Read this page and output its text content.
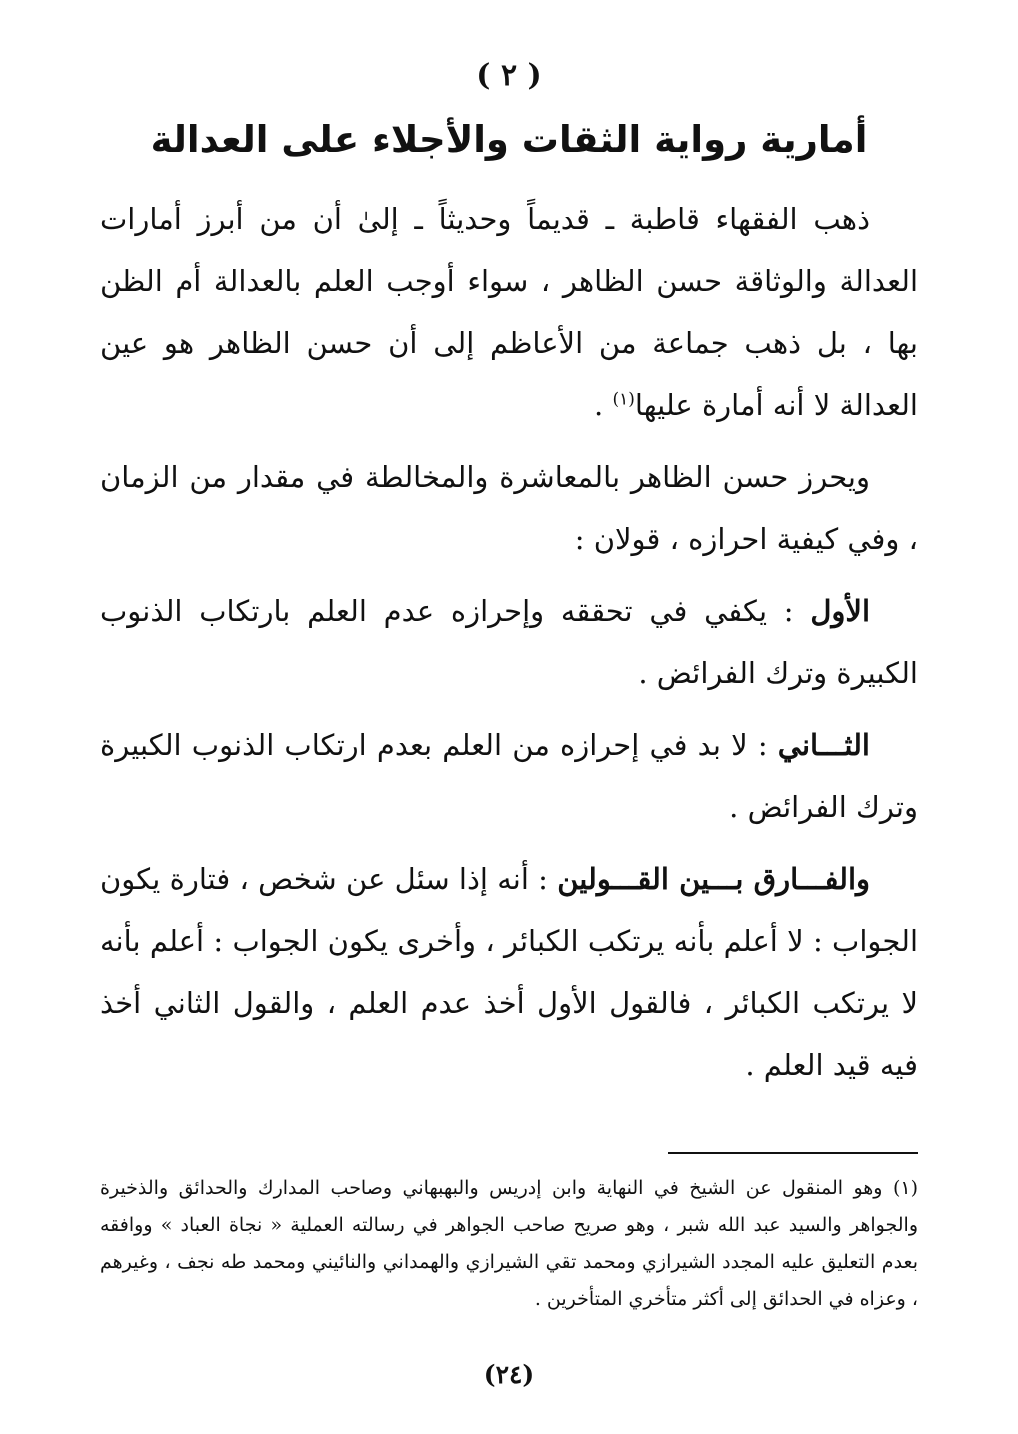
( ٢ )
أمارية رواية الثقات والأجلاء على العدالة

ذهب الفقهاء قاطبة ـ قديماً وحديثاً ـ إلىٰ أن من أبرز أمارات العدالة والوثاقة حسن الظاهر ، سواء أوجب العلم بالعدالة أم الظن بها ، بل ذهب جماعة من الأعاظم إلى أن حسن الظاهر هو عين العدالة لا أنه أمارة عليها$^{(١)}$ .

ويحرز حسن الظاهر بالمعاشرة والمخالطة في مقدار من الزمان ، وفي كيفية احرازه ، قولان :

الأول : يكفي في تحققه وإحرازه عدم العلم بارتكاب الذنوب الكبيرة وترك الفرائض .

الثـــاني : لا بد في إحرازه من العلم بعدم ارتكاب الذنوب الكبيرة وترك الفرائض .

والفـــارق بـــين القـــولين : أنه إذا سئل عن شخص ، فتارة يكون الجواب : لا أعلم بأنه يرتكب الكبائر ، وأخرى يكون الجواب : أعلم بأنه لا يرتكب الكبائر ، فالقول الأول أخذ عدم العلم ، والقول الثاني أخذ فيه قيد العلم .

(١) وهو المنقول عن الشيخ في النهاية وابن إدريس والبهبهاني وصاحب المدارك والحدائق والذخيرة والجواهر والسيد عبد الله شبر ، وهو صريح صاحب الجواهر في رسالته العملية « نجاة العباد » ووافقه بعدم التعليق عليه المجدد الشيرازي ومحمد تقي الشيرازي والهمداني والنائيني ومحمد طه نجف ، وغيرهم ، وعزاه في الحدائق إلى أكثر متأخري المتأخرين .

(٢٤)
